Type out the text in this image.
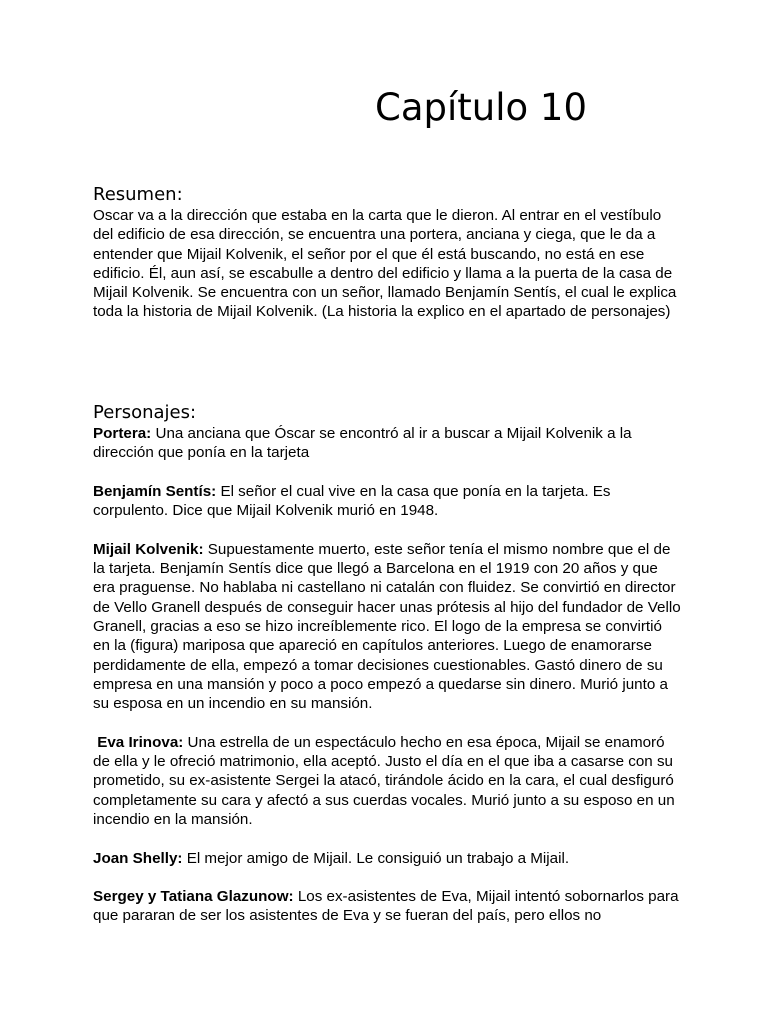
Capítulo 10
Resumen:

Oscar va a la dirección que estaba en la carta que le dieron. Al entrar en el vestíbulo del edificio de esa dirección, se encuentra una portera, anciana y ciega, que le da a entender que Mijail Kolvenik, el señor por el que él está buscando, no está en ese edificio. Él, aun así, se escabulle a dentro del edificio y llama a la puerta de la casa de Mijail Kolvenik. Se encuentra con un señor, llamado Benjamín Sentís, el cual le explica toda la historia de Mijail Kolvenik. (La historia la explico en el apartado de personajes)

Personajes:

Portera: Una anciana que Óscar se encontró al ir a buscar a Mijail Kolvenik a la dirección que ponía en la tarjeta

Benjamín Sentís: El señor el cual vive en la casa que ponía en la tarjeta. Es corpulento. Dice que Mijail Kolvenik murió en 1948.

Mijail Kolvenik: Supuestamente muerto, este señor tenía el mismo nombre que el de la tarjeta. Benjamín Sentís dice que llegó a Barcelona en el 1919 con 20 años y que era praguense. No hablaba ni castellano ni catalán con fluidez. Se convirtió en director de Vello Granell después de conseguir hacer unas prótesis al hijo del fundador de Vello Granell, gracias a eso se hizo increíblemente rico. El logo de la empresa se convirtió en la (figura) mariposa que apareció en capítulos anteriores. Luego de enamorarse perdidamente de ella, empezó a tomar decisiones cuestionables. Gastó dinero de su empresa en una mansión y poco a poco empezó a quedarse sin dinero. Murió junto a su esposa en un incendio en su mansión.

Eva Irinova: Una estrella de un espectáculo hecho en esa época, Mijail se enamoró de ella y le ofreció matrimonio, ella aceptó. Justo el día en el que iba a casarse con su prometido, su ex-asistente Sergei la atacó, tirándole ácido en la cara, el cual desfiguró completamente su cara y afectó a sus cuerdas vocales. Murió junto a su esposo en un incendio en la mansión.

Joan Shelly: El mejor amigo de Mijail. Le consiguió un trabajo a Mijail.

Sergey y Tatiana Glazunow: Los ex-asistentes de Eva, Mijail intentó sobornarlos para que pararan de ser los asistentes de Eva y se fueran del país, pero ellos no
